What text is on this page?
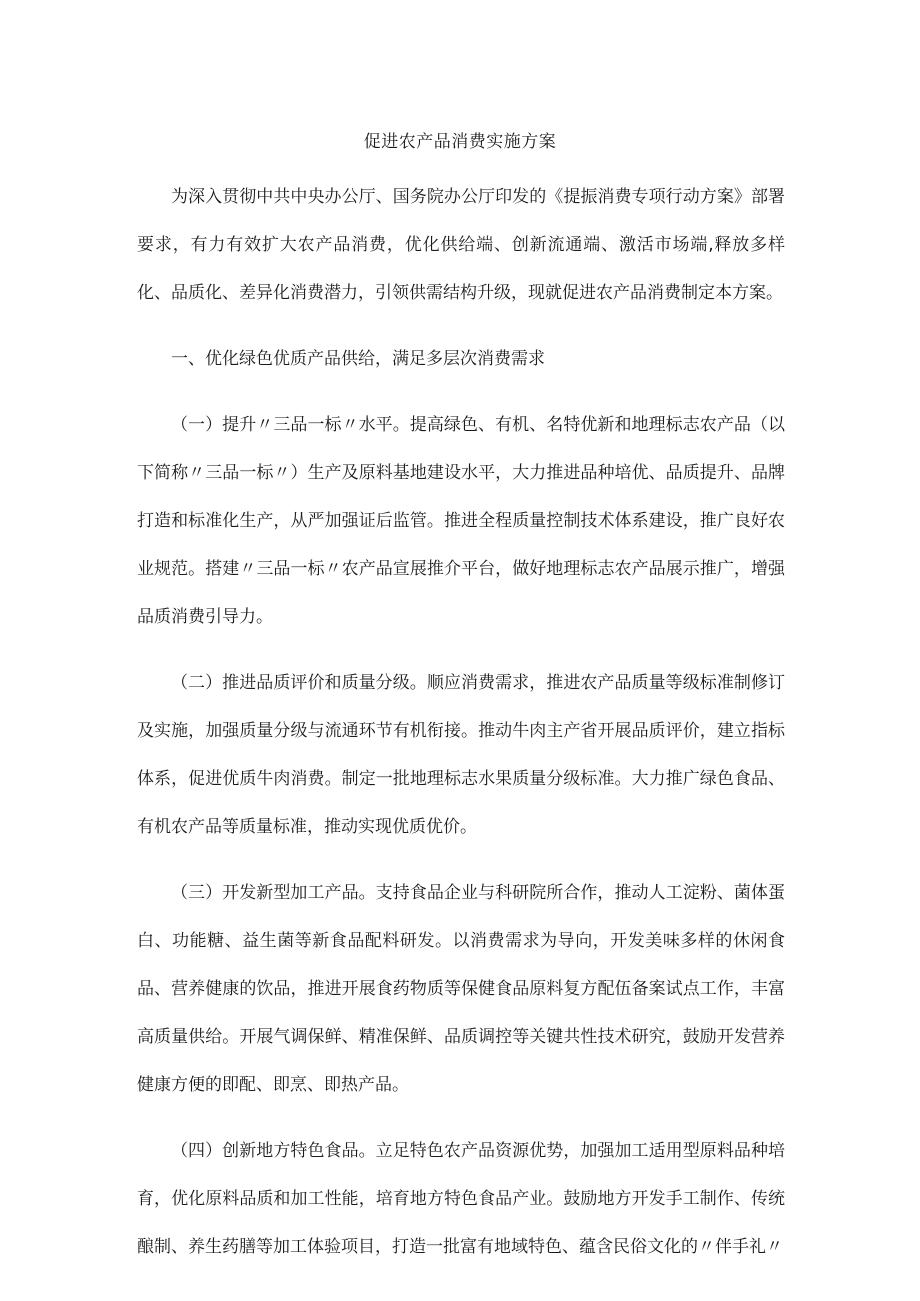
促进农产品消费实施方案

为深入贯彻中共中央办公厅、国务院办公厅印发的《提振消费专项行动方案》部署要求，有力有效扩大农产品消费，优化供给端、创新流通端、激活市场端,释放多样化、品质化、差异化消费潜力，引领供需结构升级，现就促进农产品消费制定本方案。

一、优化绿色优质产品供给，满足多层次消费需求

（一）提升〃三品一标〃水平。提高绿色、有机、名特优新和地理标志农产品（以下简称〃三品一标〃）生产及原料基地建设水平，大力推进品种培优、品质提升、品牌打造和标准化生产，从严加强证后监管。推进全程质量控制技术体系建设，推广良好农业规范。搭建〃三品一标〃农产品宣展推介平台，做好地理标志农产品展示推广，增强品质消费引导力。

（二）推进品质评价和质量分级。顺应消费需求，推进农产品质量等级标准制修订及实施，加强质量分级与流通环节有机衔接。推动牛肉主产省开展品质评价，建立指标体系，促进优质牛肉消费。制定一批地理标志水果质量分级标准。大力推广绿色食品、有机农产品等质量标准，推动实现优质优价。

（三）开发新型加工产品。支持食品企业与科研院所合作，推动人工淀粉、菌体蛋白、功能糖、益生菌等新食品配料研发。以消费需求为导向，开发美味多样的休闲食品、营养健康的饮品，推进开展食药物质等保健食品原料复方配伍备案试点工作，丰富高质量供给。开展气调保鲜、精准保鲜、品质调控等关键共性技术研究，鼓励开发营养健康方便的即配、即烹、即热产品。

（四）创新地方特色食品。立足特色农产品资源优势，加强加工适用型原料品种培育，优化原料品质和加工性能，培育地方特色食品产业。鼓励地方开发手工制作、传统酿制、养生药膳等加工体验项目，打造一批富有地域特色、蕴含民俗文化的〃伴手礼〃
